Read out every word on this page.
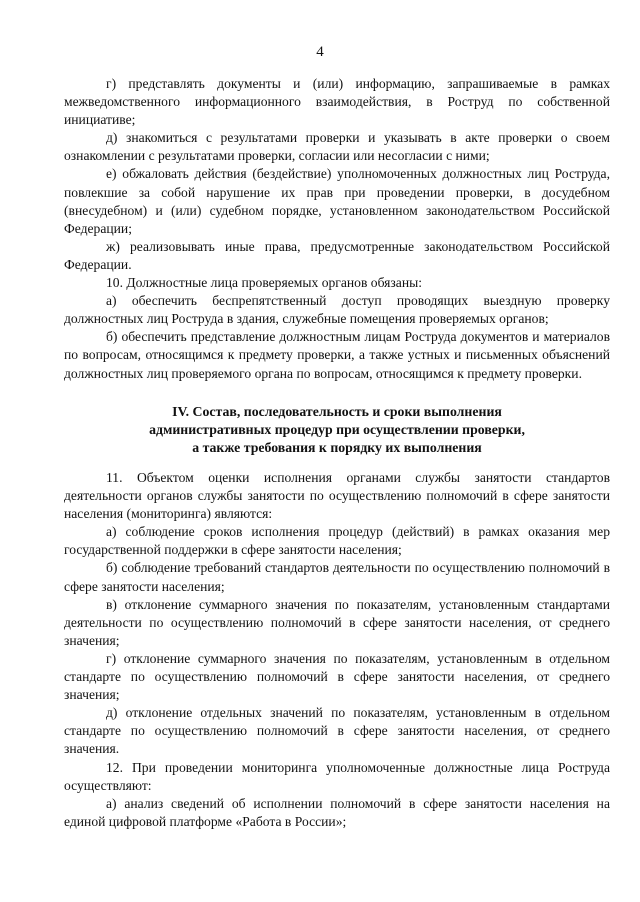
4

г) представлять документы и (или) информацию, запрашиваемые в рамках межведомственного информационного взаимодействия, в Роструд по собственной инициативе;

д) знакомиться с результатами проверки и указывать в акте проверки о своем ознакомлении с результатами проверки, согласии или несогласии с ними;

е) обжаловать действия (бездействие) уполномоченных должностных лиц Роструда, повлекшие за собой нарушение их прав при проведении проверки, в досудебном (внесудебном) и (или) судебном порядке, установленном законодательством Российской Федерации;

ж) реализовывать иные права, предусмотренные законодательством Российской Федерации.

10. Должностные лица проверяемых органов обязаны:

а) обеспечить беспрепятственный доступ проводящих выездную проверку должностных лиц Роструда в здания, служебные помещения проверяемых органов;

б) обеспечить представление должностным лицам Роструда документов и материалов по вопросам, относящимся к предмету проверки, а также устных и письменных объяснений должностных лиц проверяемого органа по вопросам, относящимся к предмету проверки.

IV. Состав, последовательность и сроки выполнения
административных процедур при осуществлении проверки,
а также требования к порядку их выполнения

11. Объектом оценки исполнения органами службы занятости стандартов деятельности органов службы занятости по осуществлению полномочий в сфере занятости населения (мониторинга) являются:

а) соблюдение сроков исполнения процедур (действий) в рамках оказания мер государственной поддержки в сфере занятости населения;

б) соблюдение требований стандартов деятельности по осуществлению полномочий в сфере занятости населения;

в) отклонение суммарного значения по показателям, установленным стандартами деятельности по осуществлению полномочий в сфере занятости населения, от среднего значения;

г) отклонение суммарного значения по показателям, установленным в отдельном стандарте по осуществлению полномочий в сфере занятости населения, от среднего значения;

д) отклонение отдельных значений по показателям, установленным в отдельном стандарте по осуществлению полномочий в сфере занятости населения, от среднего значения.

12. При проведении мониторинга уполномоченные должностные лица Роструда осуществляют:

а) анализ сведений об исполнении полномочий в сфере занятости населения на единой цифровой платформе «Работа в России»;
